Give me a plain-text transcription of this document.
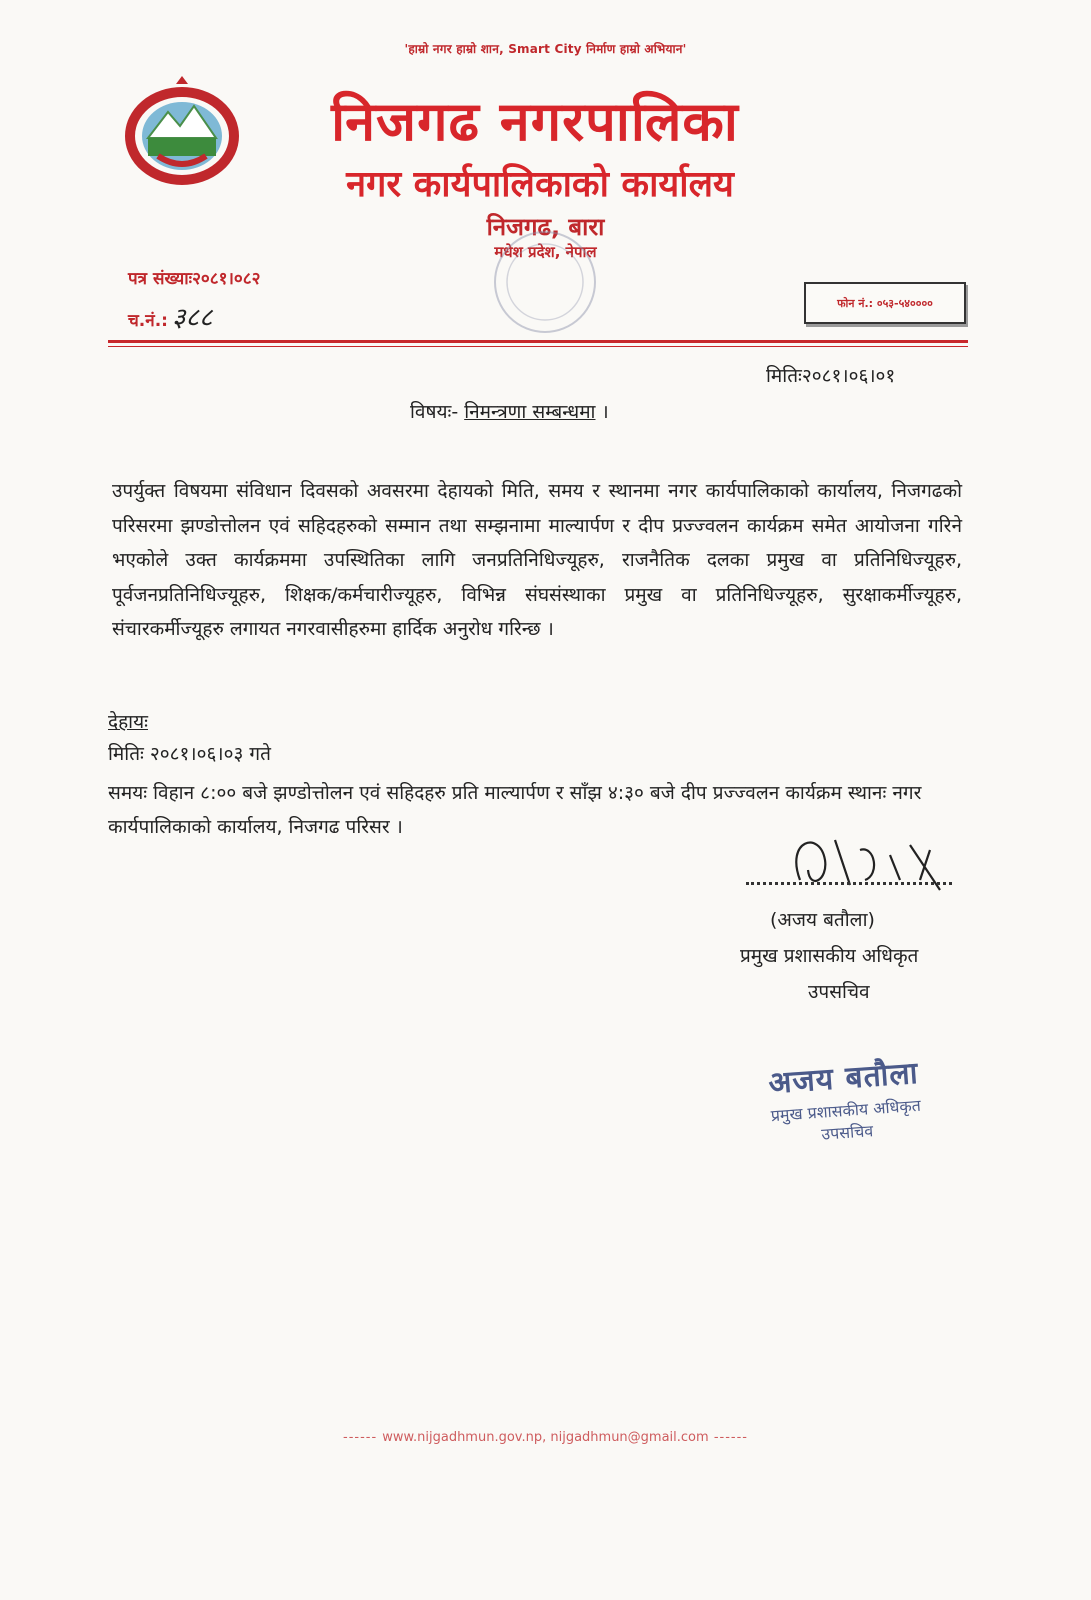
'हाम्रो नगर हाम्रो शान, Smart City निर्माण हाम्रो अभियान'
निजगढ नगरपालिका
नगर कार्यपालिकाको कार्यालय
निजगढ, बारा
मधेश प्रदेश, नेपाल
पत्र संख्याः२०८१।०८२
च.नं.: ३८८	फोन नं.: ०५३-५४००००
मितिः२०८१।०६।०१
विषयः- निमन्त्रणा सम्बन्धमा ।
उपर्युक्त विषयमा संविधान दिवसको अवसरमा देहायको मिति, समय र स्थानमा नगर कार्यपालिकाको कार्यालय, निजगढको परिसरमा झण्डोत्तोलन एवं सहिदहरुको सम्मान तथा सम्झनामा माल्यार्पण र दीप प्रज्ज्वलन कार्यक्रम समेत आयोजना गरिने भएकोले उक्त कार्यक्रममा उपस्थितिका लागि जनप्रतिनिधिज्यूहरु, राजनैतिक दलका प्रमुख वा प्रतिनिधिज्यूहरु, पूर्वजनप्रतिनिधिज्यूहरु, शिक्षक/कर्मचारीज्यूहरु, विभिन्न संघसंस्थाका प्रमुख वा प्रतिनिधिज्यूहरु, सुरक्षाकर्मीज्यूहरु, संचारकर्मीज्यूहरु लगायत नगरवासीहरुमा हार्दिक अनुरोध गरिन्छ ।
देहायः
मितिः २०८१।०६।०३ गते
समयः विहान ८:०० बजे झण्डोत्तोलन एवं सहिदहरु प्रति माल्यार्पण र साँझ ४:३० बजे दीप प्रज्ज्वलन कार्यक्रम स्थानः नगर कार्यपालिकाको कार्यालय, निजगढ परिसर ।
(अजय बतौला)
प्रमुख प्रशासकीय अधिकृत
उपसचिव
अजय बतौला
प्रमुख प्रशासकीय अधिकृत
उपसचिव
------ www.nijgadhmun.gov.np, nijgadhmun@gmail.com ------
